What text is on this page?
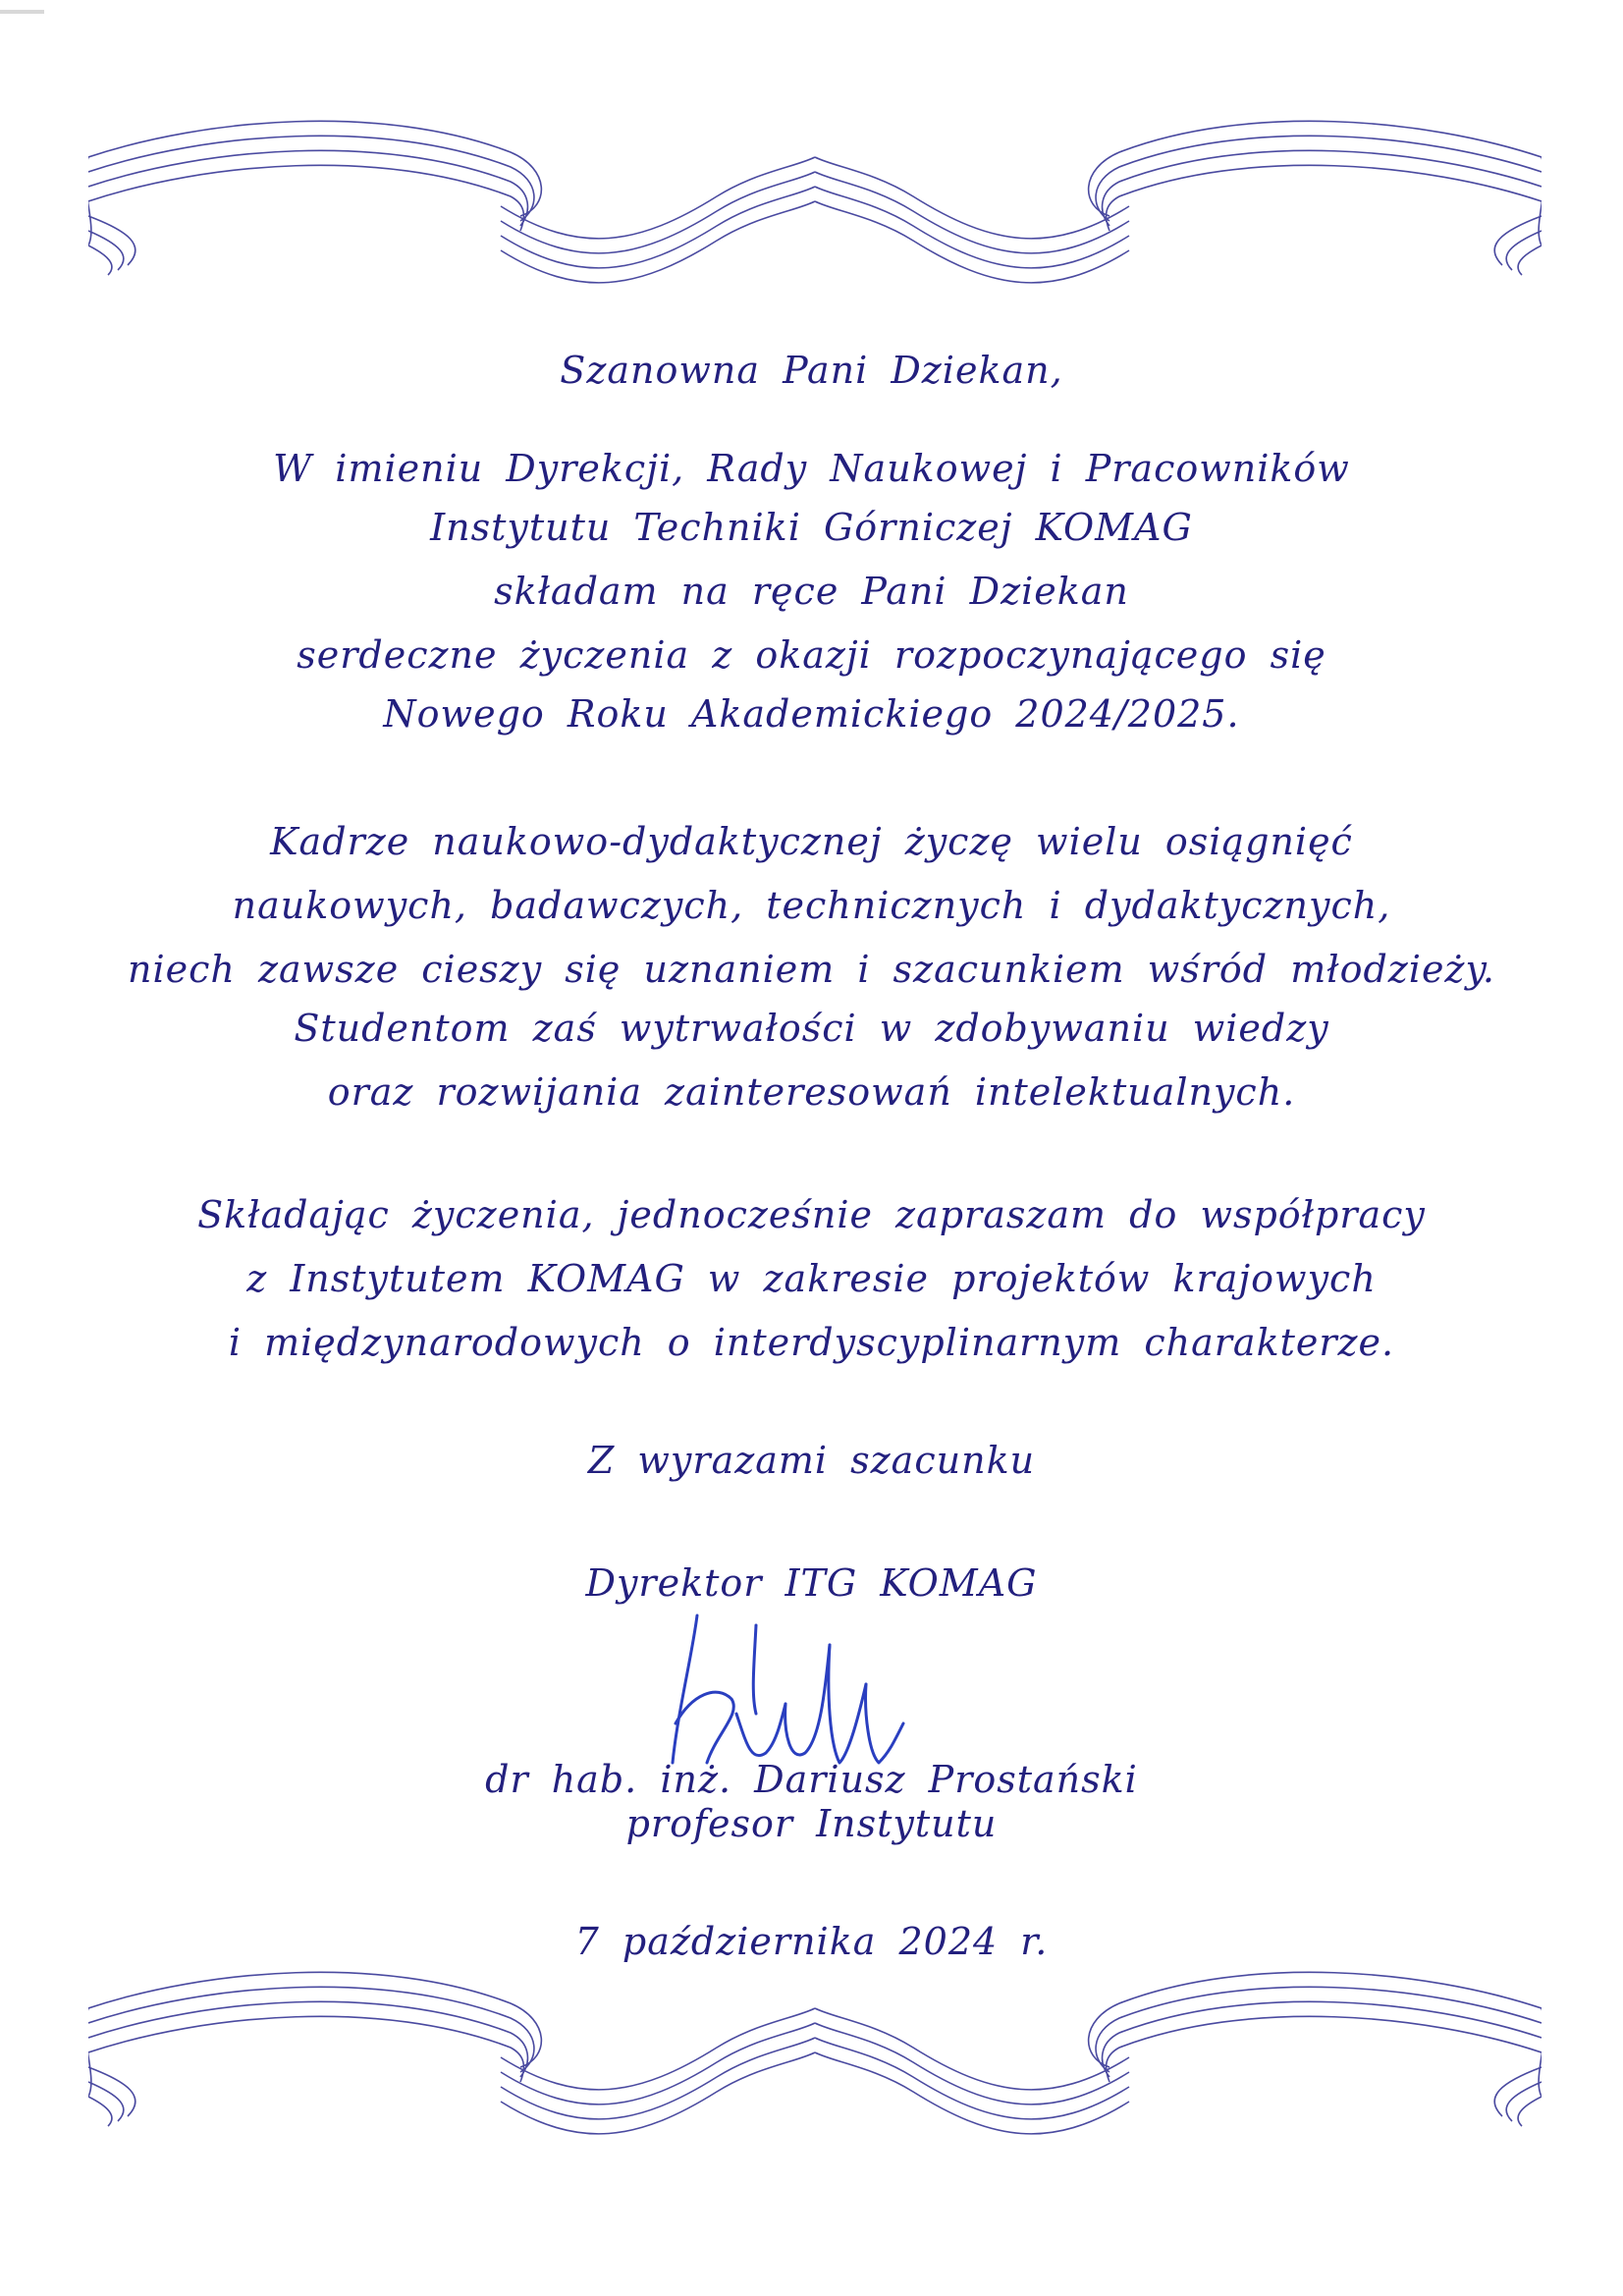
Szanowna Pani Dziekan,
W imieniu Dyrekcji, Rady Naukowej i Pracowników
Instytutu Techniki Górniczej KOMAG
składam na ręce Pani Dziekan
serdeczne życzenia z okazji rozpoczynającego się
Nowego Roku Akademickiego 2024/2025.
Kadrze naukowo-dydaktycznej życzę wielu osiągnięć
naukowych, badawczych, technicznych i dydaktycznych,
niech zawsze cieszy się uznaniem i szacunkiem wśród młodzieży.
Studentom zaś wytrwałości w zdobywaniu wiedzy
oraz rozwijania zainteresowań intelektualnych.
Składając życzenia, jednocześnie zapraszam do współpracy
z Instytutem KOMAG w zakresie projektów krajowych
i międzynarodowych o interdyscyplinarnym charakterze.
Z wyrazami szacunku
Dyrektor ITG KOMAG
dr hab. inż. Dariusz Prostański
profesor Instytutu
7 października 2024 r.
